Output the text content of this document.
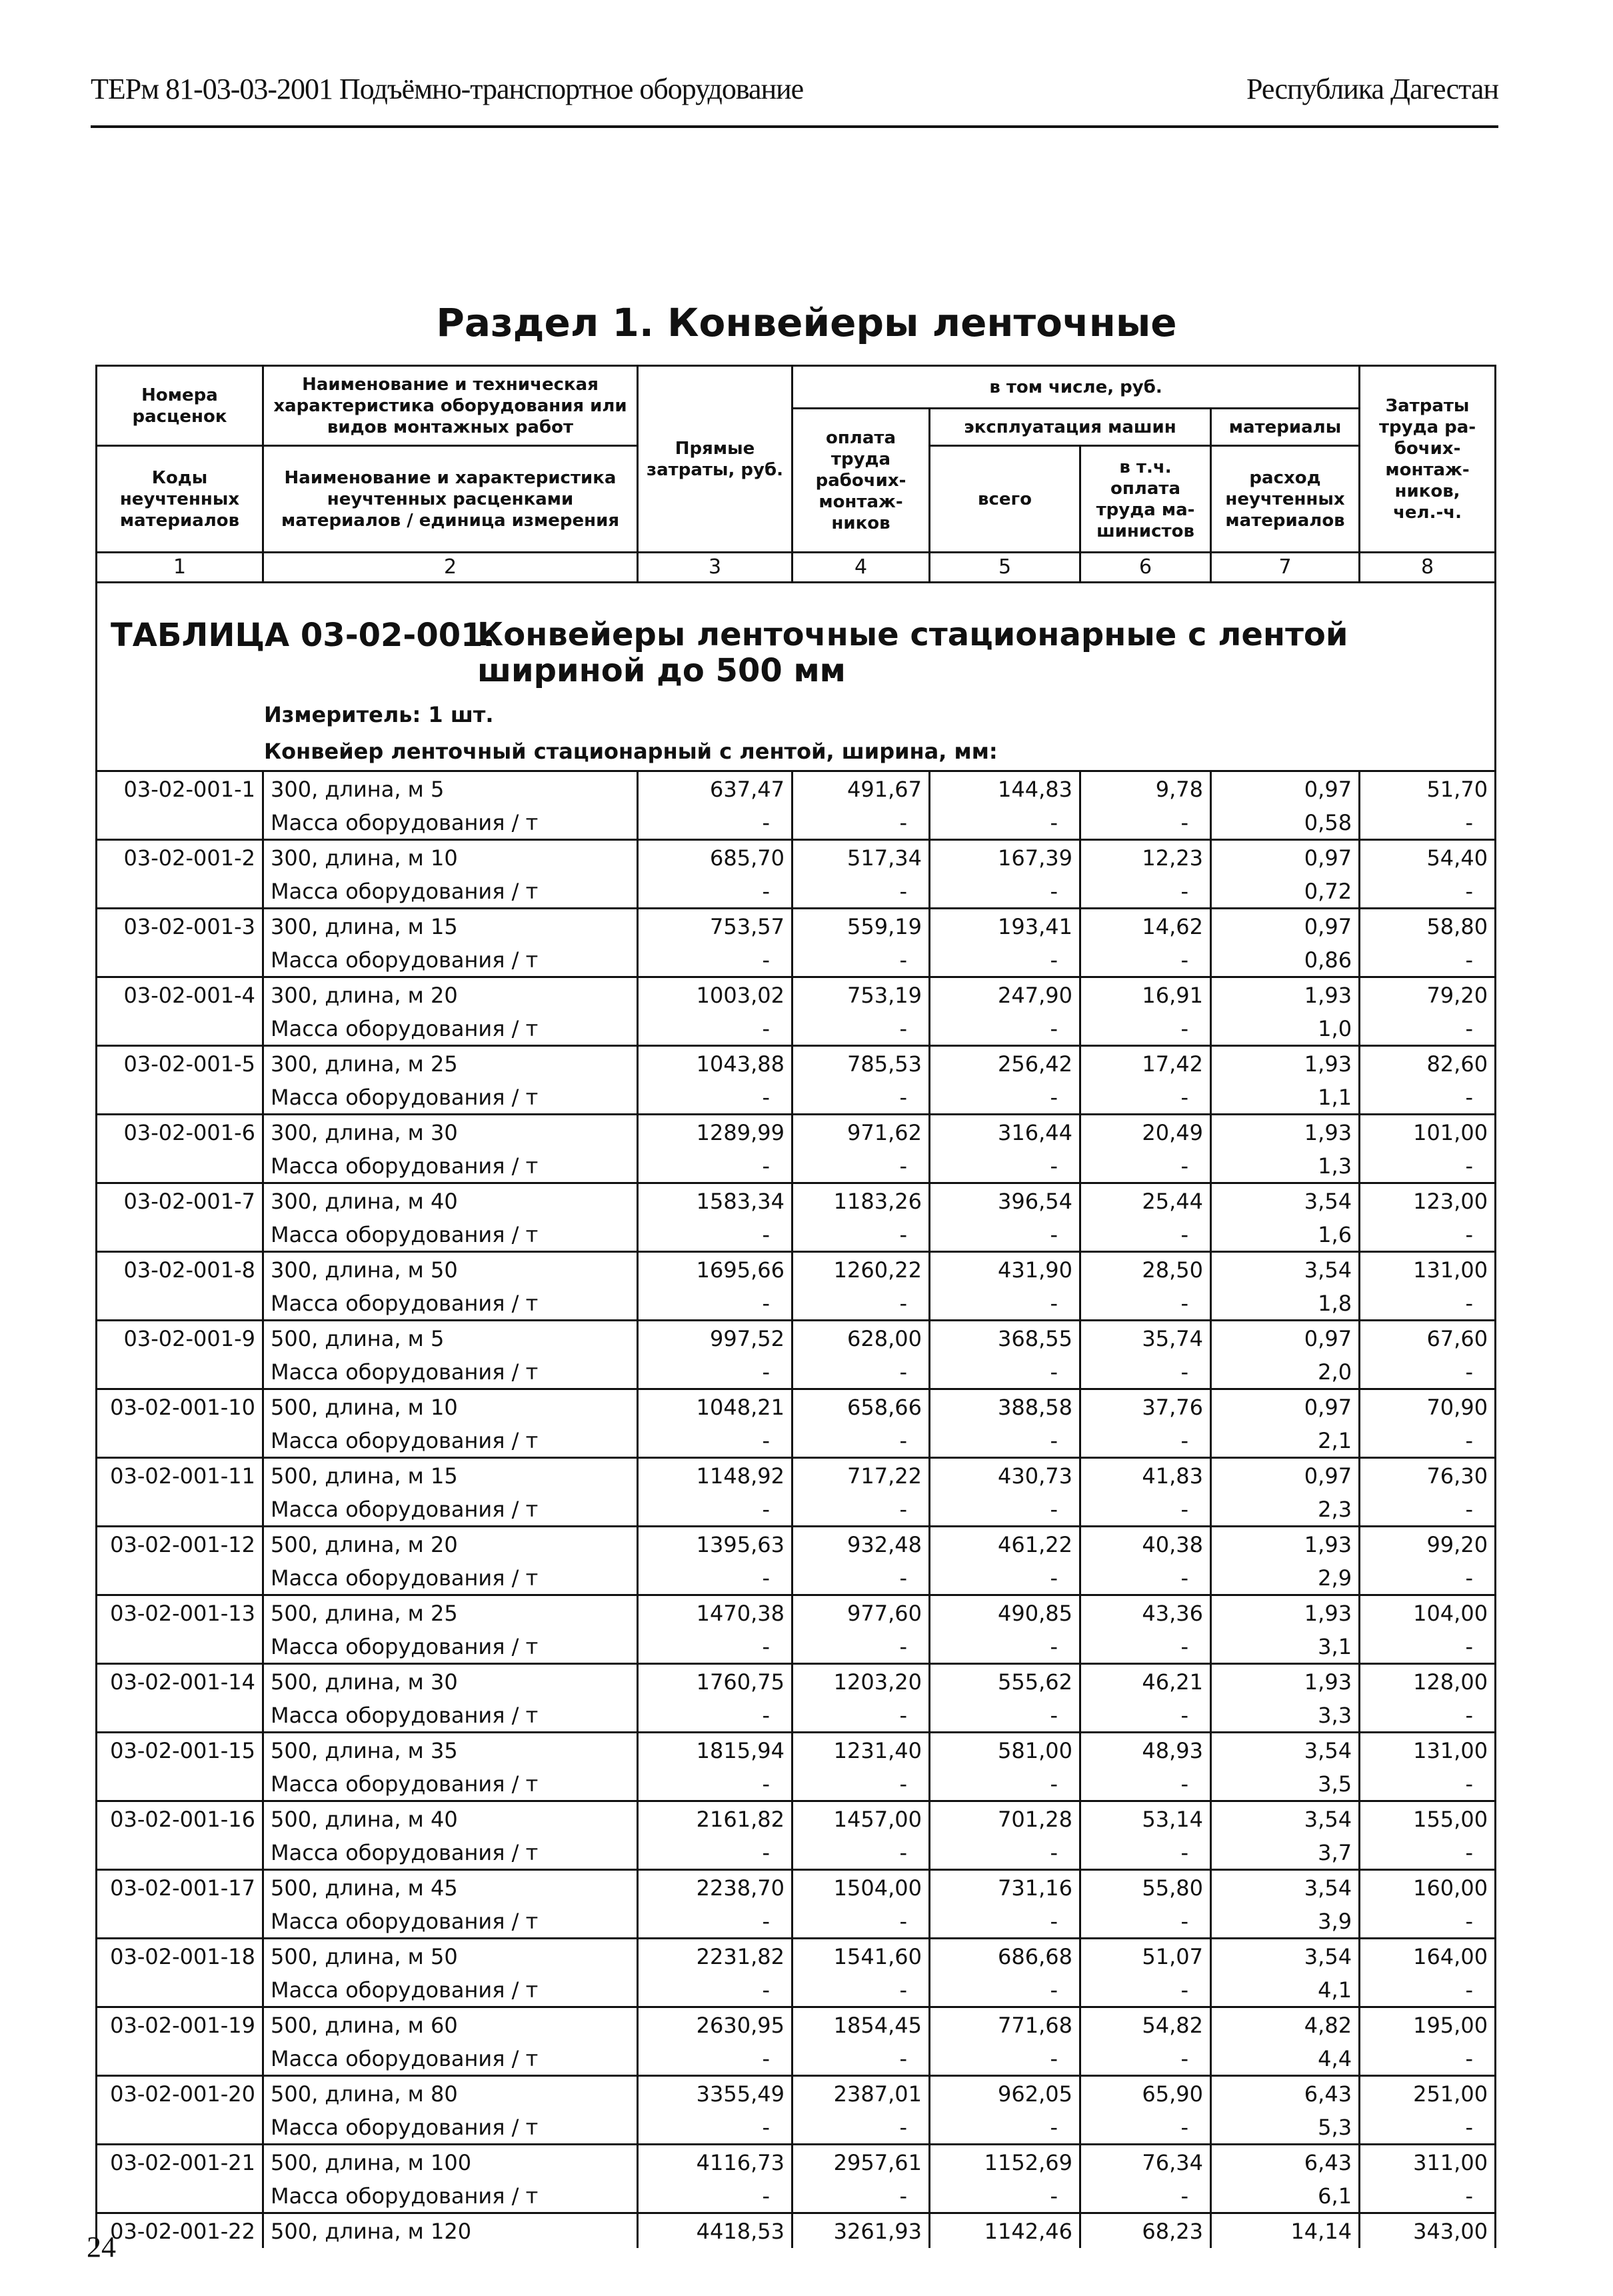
ТЕРм 81-03-03-2001 Подъёмно-транспортное оборудование	Республика Дагестан
Раздел 1. Конвейеры ленточные
Номера расценок	Наименование и техническая характеристика оборудования или видов монтажных работ	Прямые затраты, руб.	в том числе, руб.				Затраты труда ра-бочих-монтаж-ников, чел.-ч.
			оплата труда рабочих-монтаж-ников	эксплуатация машин		материалы	
Коды неучтенных материалов	Наименование и характеристика неучтенных расценками материалов / единица измерения			всего	в т.ч. оплата труда ма-шинистов	расход неучтенных материалов	

1	2	3	4	5	6	7	8

ТАБЛИЦА 03-02-001.
Конвейеры ленточные стационарные с лентой шириной до 500 мм
Измеритель: 1 шт.
Конвейер ленточный стационарный с лентой, ширина, мм:							

03-02-001-1	300, длина, м 5	637,47	491,67	144,83	9,78	0,97	51,70
	Масса оборудования / т	-	-	-	-	0,58	-
03-02-001-2	300, длина, м 10	685,70	517,34	167,39	12,23	0,97	54,40
	Масса оборудования / т	-	-	-	-	0,72	-
03-02-001-3	300, длина, м 15	753,57	559,19	193,41	14,62	0,97	58,80
	Масса оборудования / т	-	-	-	-	0,86	-
03-02-001-4	300, длина, м 20	1003,02	753,19	247,90	16,91	1,93	79,20
	Масса оборудования / т	-	-	-	-	1,0	-
03-02-001-5	300, длина, м 25	1043,88	785,53	256,42	17,42	1,93	82,60
	Масса оборудования / т	-	-	-	-	1,1	-
03-02-001-6	300, длина, м 30	1289,99	971,62	316,44	20,49	1,93	101,00
	Масса оборудования / т	-	-	-	-	1,3	-
03-02-001-7	300, длина, м 40	1583,34	1183,26	396,54	25,44	3,54	123,00
	Масса оборудования / т	-	-	-	-	1,6	-
03-02-001-8	300, длина, м 50	1695,66	1260,22	431,90	28,50	3,54	131,00
	Масса оборудования / т	-	-	-	-	1,8	-
03-02-001-9	500, длина, м 5	997,52	628,00	368,55	35,74	0,97	67,60
	Масса оборудования / т	-	-	-	-	2,0	-
03-02-001-10	500, длина, м 10	1048,21	658,66	388,58	37,76	0,97	70,90
	Масса оборудования / т	-	-	-	-	2,1	-
03-02-001-11	500, длина, м 15	1148,92	717,22	430,73	41,83	0,97	76,30
	Масса оборудования / т	-	-	-	-	2,3	-
03-02-001-12	500, длина, м 20	1395,63	932,48	461,22	40,38	1,93	99,20
	Масса оборудования / т	-	-	-	-	2,9	-
03-02-001-13	500, длина, м 25	1470,38	977,60	490,85	43,36	1,93	104,00
	Масса оборудования / т	-	-	-	-	3,1	-
03-02-001-14	500, длина, м 30	1760,75	1203,20	555,62	46,21	1,93	128,00
	Масса оборудования / т	-	-	-	-	3,3	-
03-02-001-15	500, длина, м 35	1815,94	1231,40	581,00	48,93	3,54	131,00
	Масса оборудования / т	-	-	-	-	3,5	-
03-02-001-16	500, длина, м 40	2161,82	1457,00	701,28	53,14	3,54	155,00
	Масса оборудования / т	-	-	-	-	3,7	-
03-02-001-17	500, длина, м 45	2238,70	1504,00	731,16	55,80	3,54	160,00
	Масса оборудования / т	-	-	-	-	3,9	-
03-02-001-18	500, длина, м 50	2231,82	1541,60	686,68	51,07	3,54	164,00
	Масса оборудования / т	-	-	-	-	4,1	-
03-02-001-19	500, длина, м 60	2630,95	1854,45	771,68	54,82	4,82	195,00
	Масса оборудования / т	-	-	-	-	4,4	-
03-02-001-20	500, длина, м 80	3355,49	2387,01	962,05	65,90	6,43	251,00
	Масса оборудования / т	-	-	-	-	5,3	-
03-02-001-21	500, длина, м 100	4116,73	2957,61	1152,69	76,34	6,43	311,00
	Масса оборудования / т	-	-	-	-	6,1	-
03-02-001-22	500, длина, м 120	4418,53	3261,93	1142,46	68,23	14,14	343,00
24
